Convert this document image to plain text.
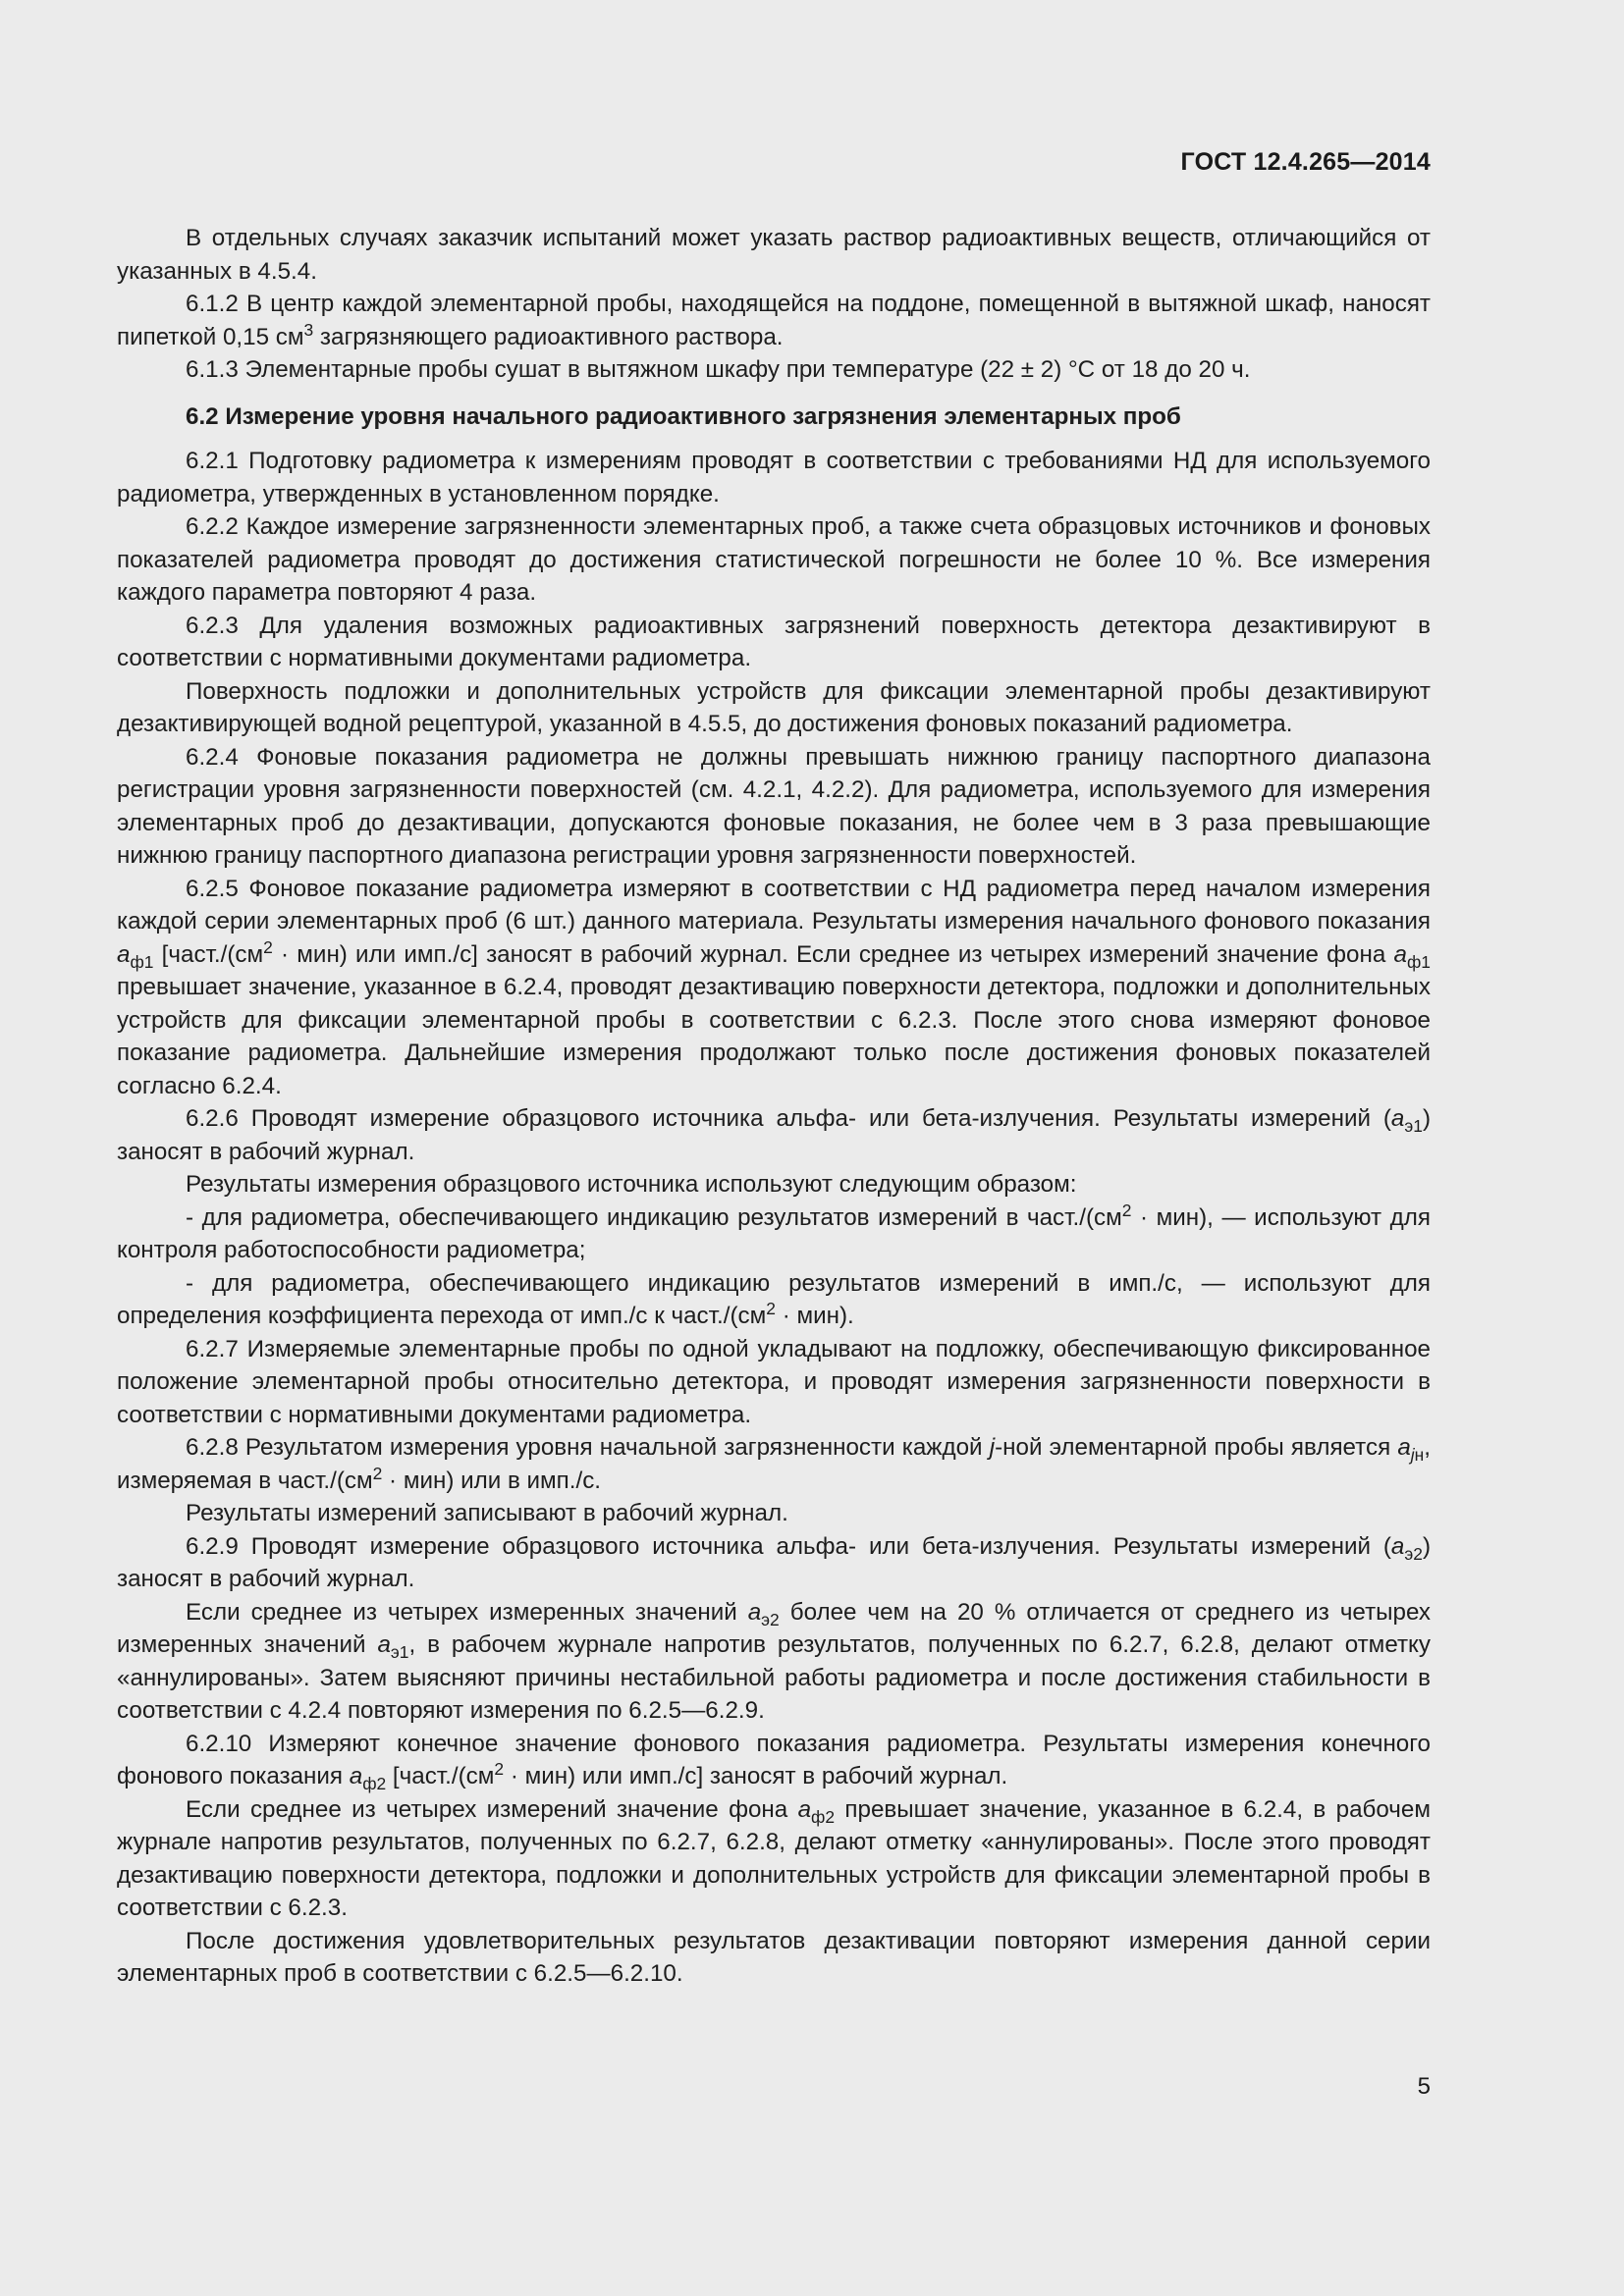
ГОСТ 12.4.265—2014

В отдельных случаях заказчик испытаний может указать раствор радиоактивных веществ, отличающийся от указанных в 4.5.4.

6.1.2 В центр каждой элементарной пробы, находящейся на поддоне, помещенной в вытяжной шкаф, наносят пипеткой 0,15 $см^3$ загрязняющего радиоактивного раствора.

6.1.3 Элементарные пробы сушат в вытяжном шкафу при температуре (22 ± 2) °С от 18 до 20 ч.

6.2 Измерение уровня начального радиоактивного загрязнения элементарных проб

6.2.1 Подготовку радиометра к измерениям проводят в соответствии с требованиями НД для используемого радиометра, утвержденных в установленном порядке.

6.2.2 Каждое измерение загрязненности элементарных проб, а также счета образцовых источников и фоновых показателей радиометра проводят до достижения статистической погрешности не более 10 %. Все измерения каждого параметра повторяют 4 раза.

6.2.3 Для удаления возможных радиоактивных загрязнений поверхность детектора дезактивируют в соответствии с нормативными документами радиометра.

Поверхность подложки и дополнительных устройств для фиксации элементарной пробы дезактивируют дезактивирующей водной рецептурой, указанной в 4.5.5, до достижения фоновых показаний радиометра.

6.2.4 Фоновые показания радиометра не должны превышать нижнюю границу паспортного диапазона регистрации уровня загрязненности поверхностей (см. 4.2.1, 4.2.2). Для радиометра, используемого для измерения элементарных проб до дезактивации, допускаются фоновые показания, не более чем в 3 раза превышающие нижнюю границу паспортного диапазона регистрации уровня загрязненности поверхностей.

6.2.5 Фоновое показание радиометра измеряют в соответствии с НД радиометра перед началом измерения каждой серии элементарных проб (6 шт.) данного материала. Результаты измерения начального фонового показания $а_{ф1}$ [$част./(см^2 \cdot мин)$ или имп./с] заносят в рабочий журнал. Если среднее из четырех измерений значение фона $а_{ф1}$ превышает значение, указанное в 6.2.4, проводят дезактивацию поверхности детектора, подложки и дополнительных устройств для фиксации элементарной пробы в соответствии с 6.2.3. После этого снова измеряют фоновое показание радиометра. Дальнейшие измерения продолжают только после достижения фоновых показателей согласно 6.2.4.

6.2.6 Проводят измерение образцового источника альфа- или бета-излучения. Результаты измерений $(а_{э1})$ заносят в рабочий журнал.

Результаты измерения образцового источника используют следующим образом:

- для радиометра, обеспечивающего индикацию результатов измерений в $част./(см^2 \cdot мин)$, — используют для контроля работоспособности радиометра;

- для радиометра, обеспечивающего индикацию результатов измерений в имп./с, — используют для определения коэффициента перехода от имп./с к $част./(см^2 \cdot мин)$.

6.2.7 Измеряемые элементарные пробы по одной укладывают на подложку, обеспечивающую фиксированное положение элементарной пробы относительно детектора, и проводят измерения загрязненности поверхности в соответствии с нормативными документами радиометра.

6.2.8 Результатом измерения уровня начальной загрязненности каждой j-ной элементарной пробы является $а_{jн}$, измеряемая в $част./(см^2 \cdot мин)$ или в имп./с.

Результаты измерений записывают в рабочий журнал.

6.2.9 Проводят измерение образцового источника альфа- или бета-излучения. Результаты измерений $(а_{э2})$ заносят в рабочий журнал.

Если среднее из четырех измеренных значений $а_{э2}$ более чем на 20 % отличается от среднего из четырех измеренных значений $а_{э1}$, в рабочем журнале напротив результатов, полученных по 6.2.7, 6.2.8, делают отметку «аннулированы». Затем выясняют причины нестабильной работы радиометра и после достижения стабильности в соответствии с 4.2.4 повторяют измерения по 6.2.5—6.2.9.

6.2.10 Измеряют конечное значение фонового показания радиометра. Результаты измерения конечного фонового показания $а_{ф2}$ [$част./(см^2 \cdot мин)$ или имп./с] заносят в рабочий журнал.

Если среднее из четырех измерений значение фона $а_{ф2}$ превышает значение, указанное в 6.2.4, в рабочем журнале напротив результатов, полученных по 6.2.7, 6.2.8, делают отметку «аннулированы». После этого проводят дезактивацию поверхности детектора, подложки и дополнительных устройств для фиксации элементарной пробы в соответствии с 6.2.3.

После достижения удовлетворительных результатов дезактивации повторяют измерения данной серии элементарных проб в соответствии с 6.2.5—6.2.10.

5
